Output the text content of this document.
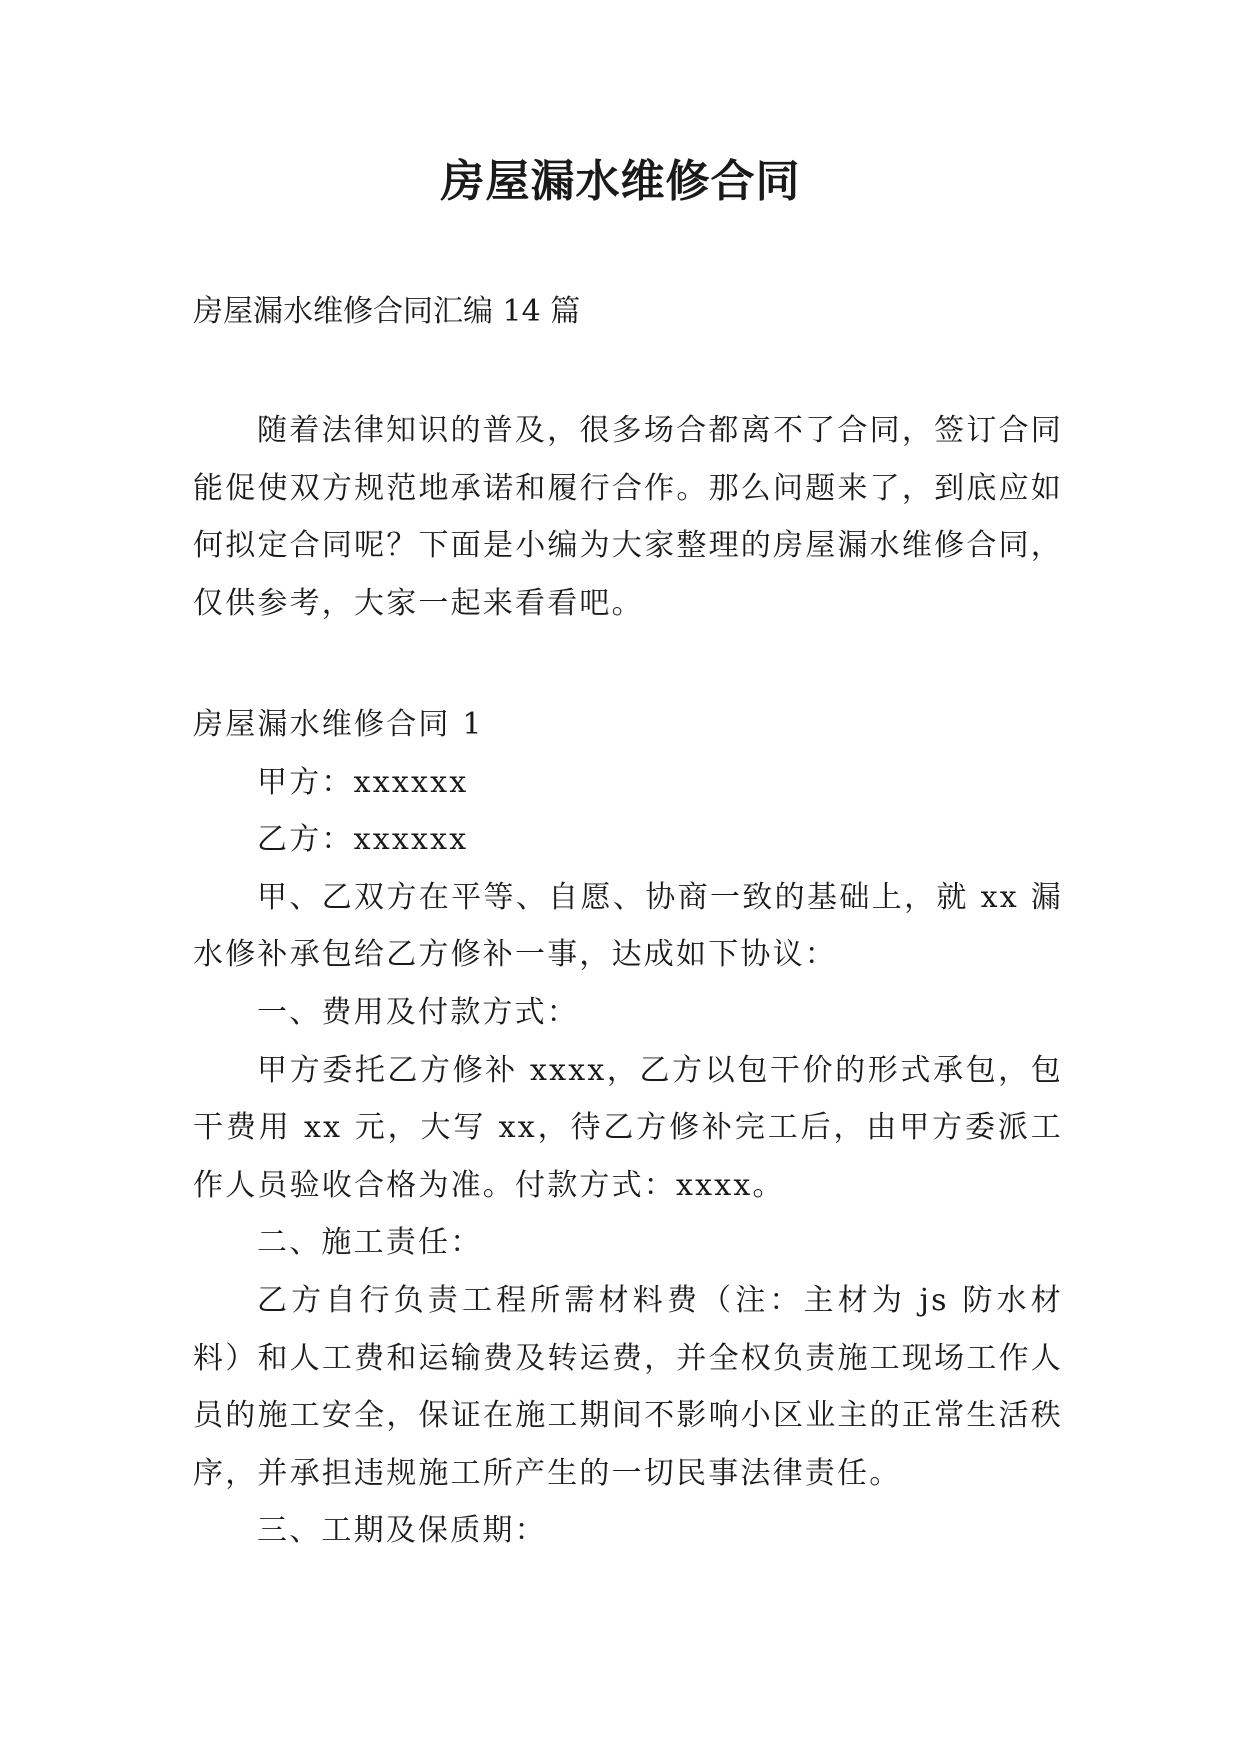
房屋漏水维修合同
房屋漏水维修合同汇编 14 篇

随着法律知识的普及，很多场合都离不了合同，签订合同能促使双方规范地承诺和履行合作。那么问题来了，到底应如何拟定合同呢？下面是小编为大家整理的房屋漏水维修合同，仅供参考，大家一起来看看吧。

房屋漏水维修合同 1

甲方：xxxxxx

乙方：xxxxxx

甲、乙双方在平等、自愿、协商一致的基础上，就 xx 漏水修补承包给乙方修补一事，达成如下协议：

一、费用及付款方式：

甲方委托乙方修补 xxxx，乙方以包干价的形式承包，包干费用 xx 元，大写 xx，待乙方修补完工后，由甲方委派工作人员验收合格为准。付款方式：xxxx。

二、施工责任：

乙方自行负责工程所需材料费（注：主材为 js 防水材料）和人工费和运输费及转运费，并全权负责施工现场工作人员的施工安全，保证在施工期间不影响小区业主的正常生活秩序，并承担违规施工所产生的一切民事法律责任。

三、工期及保质期：
